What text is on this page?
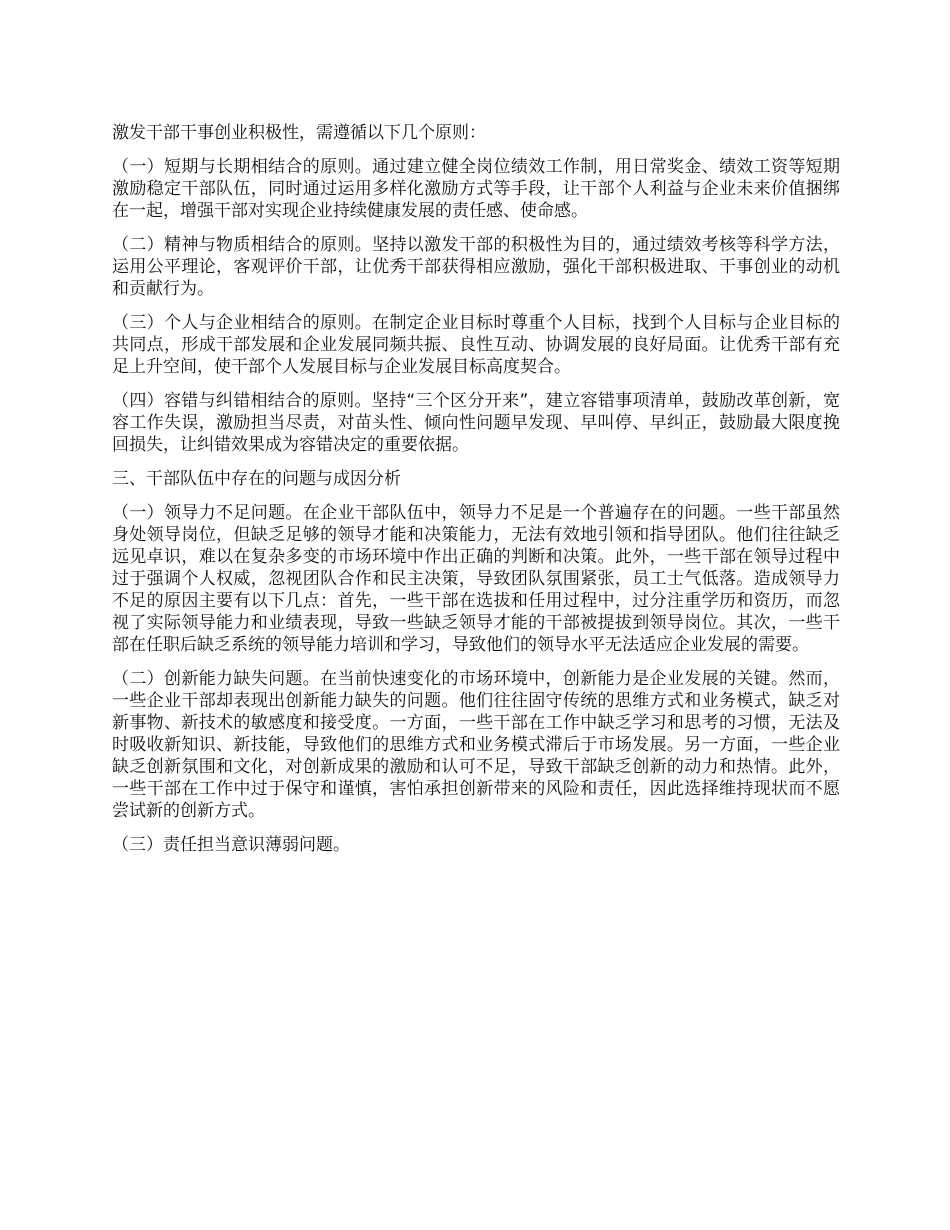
激发干部干事创业积极性，需遵循以下几个原则：

（一）短期与长期相结合的原则。通过建立健全岗位绩效工作制，用日常奖金、绩效工资等短期激励稳定干部队伍，同时通过运用多样化激励方式等手段，让干部个人利益与企业未来价值捆绑在一起，增强干部对实现企业持续健康发展的责任感、使命感。

（二）精神与物质相结合的原则。坚持以激发干部的积极性为目的，通过绩效考核等科学方法，运用公平理论，客观评价干部，让优秀干部获得相应激励，强化干部积极进取、干事创业的动机和贡献行为。

（三）个人与企业相结合的原则。在制定企业目标时尊重个人目标，找到个人目标与企业目标的共同点，形成干部发展和企业发展同频共振、良性互动、协调发展的良好局面。让优秀干部有充足上升空间，使干部个人发展目标与企业发展目标高度契合。

（四）容错与纠错相结合的原则。坚持“三个区分开来”，建立容错事项清单，鼓励改革创新，宽容工作失误，激励担当尽责，对苗头性、倾向性问题早发现、早叫停、早纠正，鼓励最大限度挽回损失，让纠错效果成为容错决定的重要依据。

三、干部队伍中存在的问题与成因分析

（一）领导力不足问题。在企业干部队伍中，领导力不足是一个普遍存在的问题。一些干部虽然身处领导岗位，但缺乏足够的领导才能和决策能力，无法有效地引领和指导团队。他们往往缺乏远见卓识，难以在复杂多变的市场环境中作出正确的判断和决策。此外，一些干部在领导过程中过于强调个人权威，忽视团队合作和民主决策，导致团队氛围紧张，员工士气低落。造成领导力不足的原因主要有以下几点：首先，一些干部在选拔和任用过程中，过分注重学历和资历，而忽视了实际领导能力和业绩表现，导致一些缺乏领导才能的干部被提拔到领导岗位。其次，一些干部在任职后缺乏系统的领导能力培训和学习，导致他们的领导水平无法适应企业发展的需要。

（二）创新能力缺失问题。在当前快速变化的市场环境中，创新能力是企业发展的关键。然而，一些企业干部却表现出创新能力缺失的问题。他们往往固守传统的思维方式和业务模式，缺乏对新事物、新技术的敏感度和接受度。一方面，一些干部在工作中缺乏学习和思考的习惯，无法及时吸收新知识、新技能，导致他们的思维方式和业务模式滞后于市场发展。另一方面，一些企业缺乏创新氛围和文化，对创新成果的激励和认可不足，导致干部缺乏创新的动力和热情。此外，一些干部在工作中过于保守和谨慎，害怕承担创新带来的风险和责任，因此选择维持现状而不愿尝试新的创新方式。

（三）责任担当意识薄弱问题。
